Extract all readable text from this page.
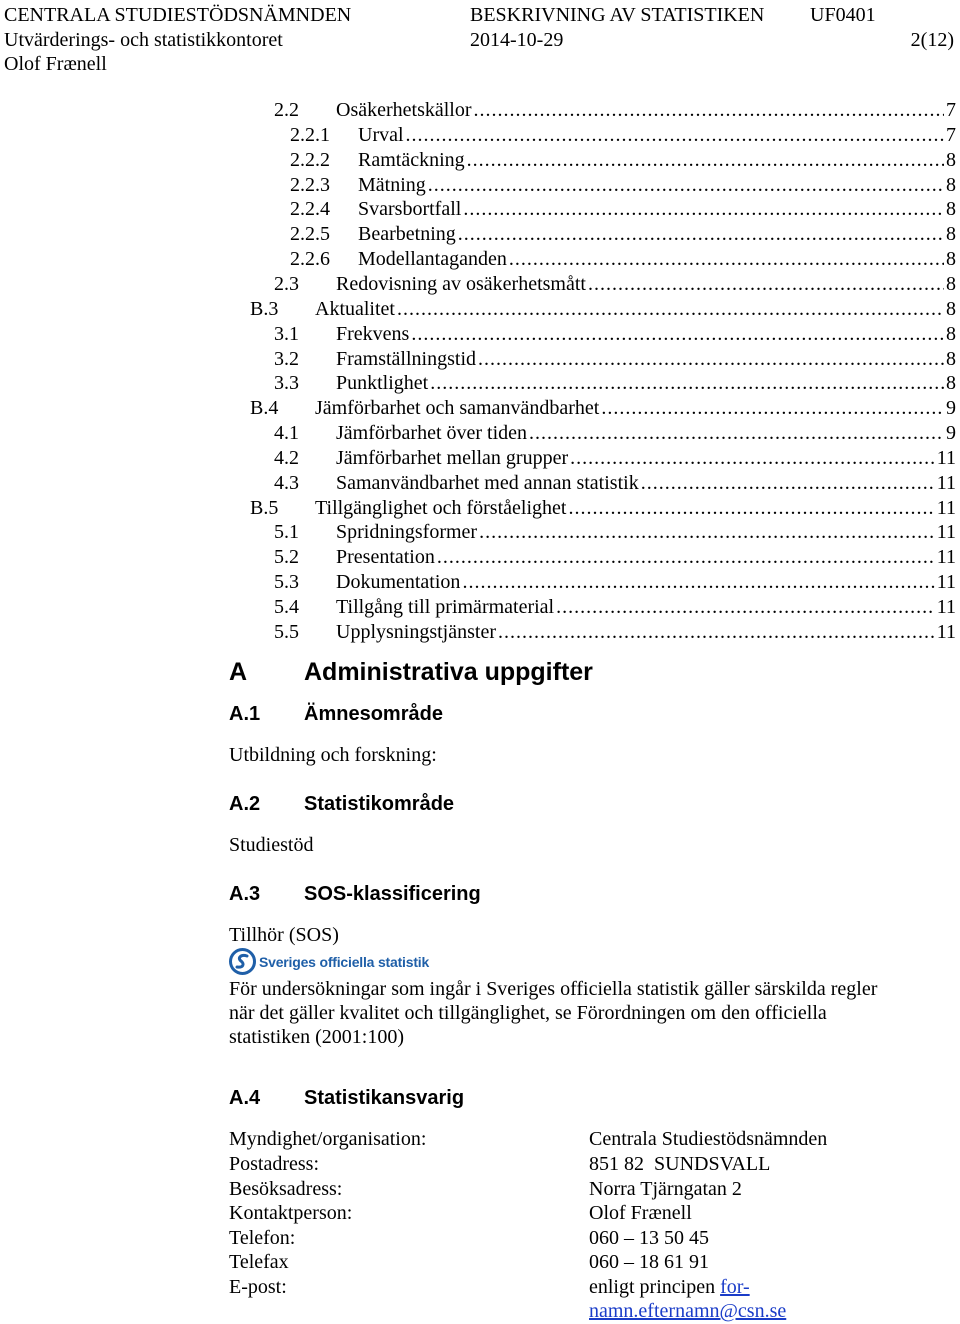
CENTRALA STUDIESTÖDSNÄMNDEN	BESKRIVNING AV STATISTIKEN UF0401
Utvärderings- och statistikkontoret	2014-10-29	2(12)
Olof Frænell
2.2	Osäkerhetskällor .....	7
2.2.1	Urval .....	7
2.2.2	Ramtäckning .....	8
2.2.3	Mätning .....	8
2.2.4	Svarsbortfall .....	8
2.2.5	Bearbetning .....	8
2.2.6	Modellantaganden .....	8
2.3	Redovisning av osäkerhetsmått .....	8
B.3	Aktualitet .....	8
3.1	Frekvens .....	8
3.2	Framställningstid .....	8
3.3	Punktlighet .....	8
B.4	Jämförbarhet och samanvändbarhet .....	9
4.1	Jämförbarhet över tiden .....	9
4.2	Jämförbarhet mellan grupper .....	11
4.3	Samanvändbarhet med annan statistik .....	11
B.5	Tillgänglighet och förståelighet .....	11
5.1	Spridningsformer .....	11
5.2	Presentation .....	11
5.3	Dokumentation .....	11
5.4	Tillgång till primärmaterial .....	11
5.5	Upplysningstjänster .....	11
A Administrativa uppgifter
A.1 Ämnesområde
Utbildning och forskning:
A.2 Statistikområde
Studiestöd
A.3 SOS-klassificering
Tillhör (SOS)
Sveriges officiella statistik
För undersökningar som ingår i Sveriges officiella statistik gäller särskilda regler
när det gäller kvalitet och tillgänglighet, se Förordningen om den officiella
statistiken (2001:100)
A.4 Statistikansvarig
Myndighet/organisation:	Centrala Studiestödsnämnden
Postadress:	851 82  SUNDSVALL
Besöksadress:	Norra Tjärngatan 2
Kontaktperson:	Olof Frænell
Telefon:	060 – 13 50 45
Telefax	060 – 18 61 91
E-post:	enligt principen for-
namn.efternamn@csn.se
